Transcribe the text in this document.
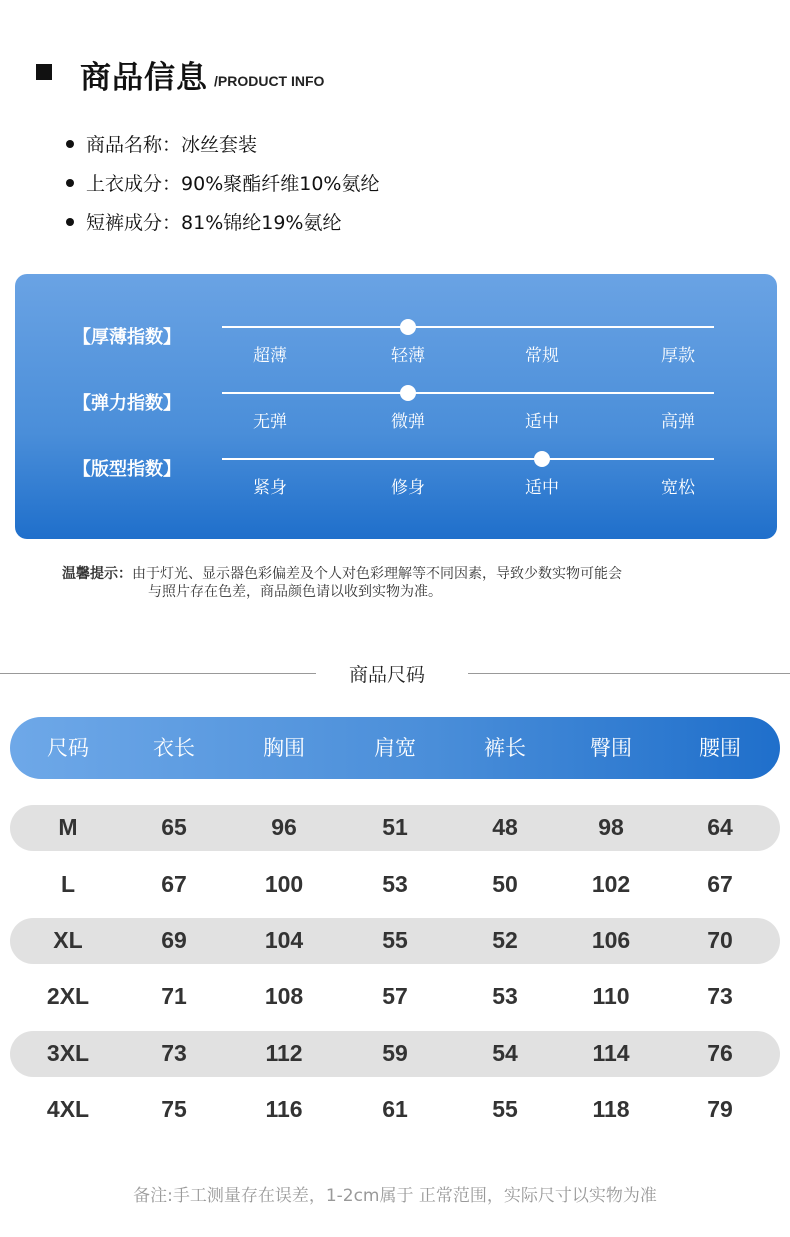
商品信息 /PRODUCT INFO
商品名称： 冰丝套装
上衣成分： 90%聚酯纤维10%氨纶
短裤成分： 81%锦纶19%氨纶
【厚薄指数】
超薄	轻薄	常规	厚款
【弹力指数】
无弹	微弹	适中	高弹
【版型指数】
紧身	修身	适中	宽松
温馨提示：由于灯光、显示器色彩偏差及个人对色彩理解等不同因素，导致少数实物可能会
与照片存在色差，商品颜色请以收到实物为准。
商品尺码
尺码	衣长	胸围	肩宽	裤长	臀围	腰围
M	65	96	51	48	98	64
L	67	100	53	50	102	67
XL	69	104	55	52	106	70
2XL	71	108	57	53	110	73
3XL	73	112	59	54	114	76
4XL	75	116	61	55	118	79
备注:手工测量存在误差，1-2cm属于 正常范围，实际尺寸以实物为准
